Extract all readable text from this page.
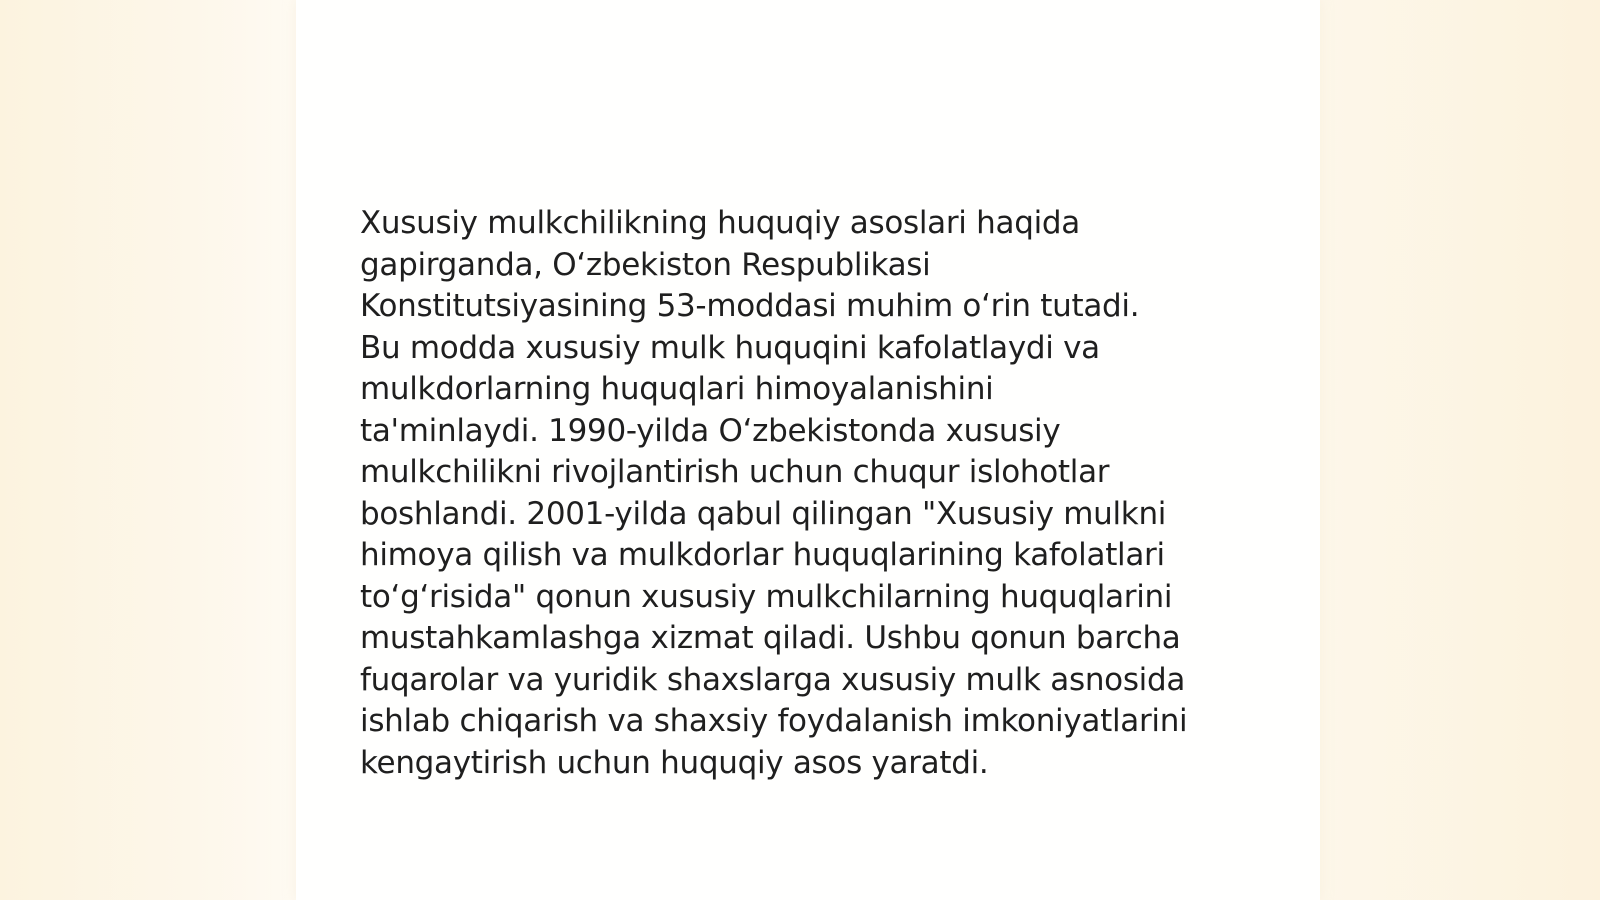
Xususiy mulkchilikning huquqiy asoslari haqida
gapirganda, O‘zbekiston Respublikasi
Konstitutsiyasining 53-moddasi muhim o‘rin tutadi.
Bu modda xususiy mulk huquqini kafolatlaydi va
mulkdorlarning huquqlari himoyalanishini
ta'minlaydi. 1990-yilda O‘zbekistonda xususiy
mulkchilikni rivojlantirish uchun chuqur islohotlar
boshlandi. 2001-yilda qabul qilingan "Xususiy mulkni
himoya qilish va mulkdorlar huquqlarining kafolatlari
to‘g‘risida" qonun xususiy mulkchilarning huquqlarini
mustahkamlashga xizmat qiladi. Ushbu qonun barcha
fuqarolar va yuridik shaxslarga xususiy mulk asnosida
ishlab chiqarish va shaxsiy foydalanish imkoniyatlarini
kengaytirish uchun huquqiy asos yaratdi.
